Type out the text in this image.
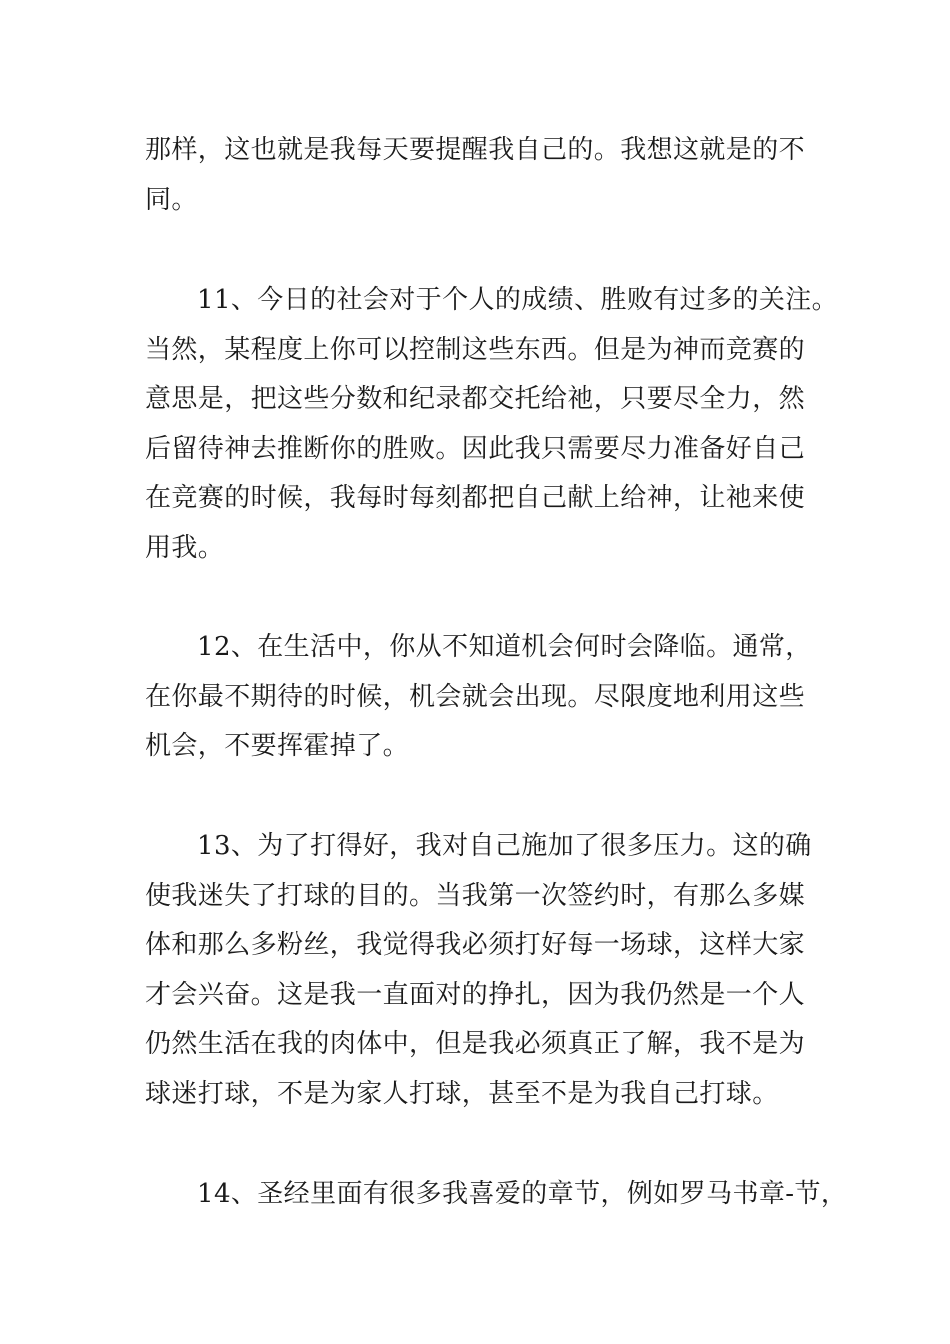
那样，这也就是我每天要提醒我自己的。我想这就是的不
同。

11、今日的社会对于个人的成绩、胜败有过多的关注。
当然，某程度上你可以控制这些东西。但是为神而竞赛的
意思是，把这些分数和纪录都交托给祂，只要尽全力，然
后留待神去推断你的胜败。因此我只需要尽力准备好自己
在竞赛的时候，我每时每刻都把自己献上给神，让祂来使
用我。

12、在生活中，你从不知道机会何时会降临。通常，
在你最不期待的时候，机会就会出现。尽限度地利用这些
机会，不要挥霍掉了。

13、为了打得好，我对自己施加了很多压力。这的确
使我迷失了打球的目的。当我第一次签约时，有那么多媒
体和那么多粉丝，我觉得我必须打好每一场球，这样大家
才会兴奋。这是我一直面对的挣扎，因为我仍然是一个人
仍然生活在我的肉体中，但是我必须真正了解，我不是为
球迷打球，不是为家人打球，甚至不是为我自己打球。

14、圣经里面有很多我喜爱的章节，例如罗马书章-节，
